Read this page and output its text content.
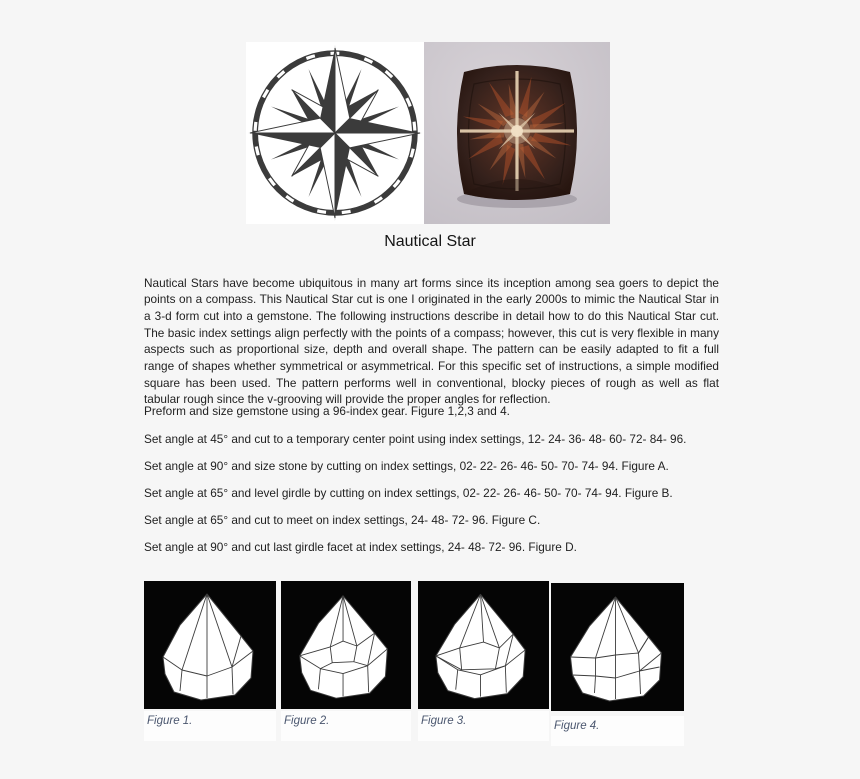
Nautical Star

Nautical Stars have become ubiquitous in many art forms since its inception among sea goers to depict the points on a compass. This Nautical Star cut is one I originated in the early 2000s to mimic the Nautical Star in a 3-d form cut into a gemstone. The following instructions describe in detail how to do this Nautical Star cut. The basic index settings align perfectly with the points of a compass; however, this cut is very flexible in many aspects such as proportional size, depth and overall shape. The pattern can be easily adapted to fit a full range of shapes whether symmetrical or asymmetrical. For this specific set of instructions, a simple modified square has been used. The pattern performs well in conventional, blocky pieces of rough as well as flat tabular rough since the v-grooving will provide the proper angles for reflection.

Preform and size gemstone using a 96-index gear. Figure 1,2,3 and 4.
Set angle at 45° and cut to a temporary center point using index settings, 12- 24- 36- 48- 60- 72- 84- 96.
Set angle at 90° and size stone by cutting on index settings, 02- 22- 26- 46- 50- 70- 74- 94. Figure A.
Set angle at 65° and level girdle by cutting on index settings, 02- 22- 26- 46- 50- 70- 74- 94. Figure B.
Set angle at 65° and cut to meet on index settings, 24- 48- 72- 96. Figure C.
Set angle at 90° and cut last girdle facet at index settings, 24- 48- 72- 96. Figure D.
Figure 1.	Figure 2.	Figure 3.	Figure 4.
